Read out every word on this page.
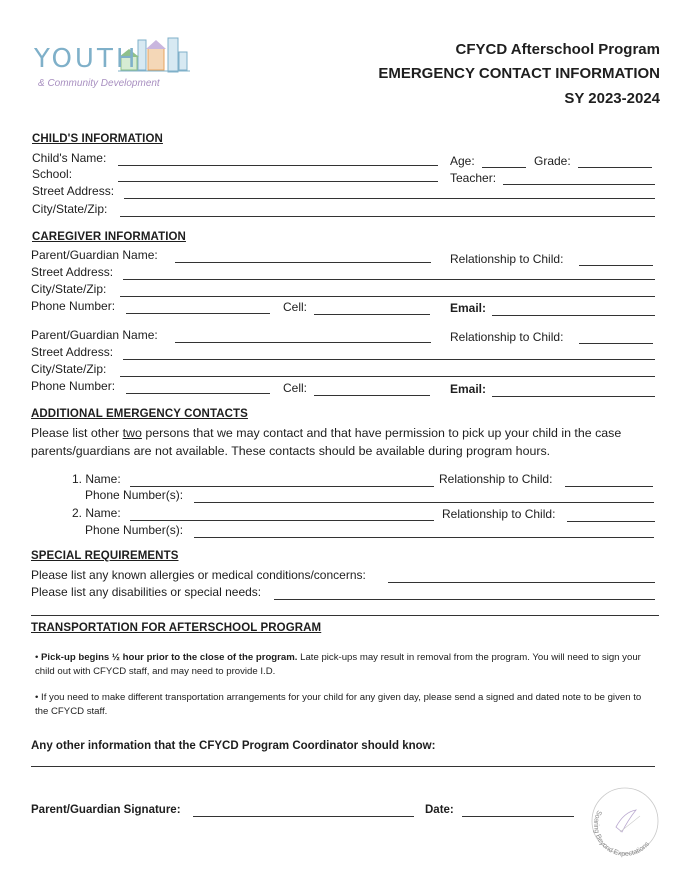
YOUTH
& Community Development
CFYCD Afterschool Program
EMERGENCY CONTACT INFORMATION
SY 2023-2024
CHILD'S INFORMATION
Child's Name:	Age:	Grade:
School:	Teacher:
Street Address:
City/State/Zip:
CAREGIVER INFORMATION
Parent/Guardian Name:	Relationship to Child:
Street Address:
City/State/Zip:
Phone Number:	Cell:	Email:
Parent/Guardian Name:	Relationship to Child:
Street Address:
City/State/Zip:
Phone Number:	Cell:	Email:
ADDITIONAL EMERGENCY CONTACTS
Please list other two persons that we may contact and that have permission to pick up your child in the case parents/guardians are not available. These contacts should be available during program hours.
1. Name:	Relationship to Child:
Phone Number(s):
2. Name:	Relationship to Child:
Phone Number(s):
SPECIAL REQUIREMENTS
Please list any known allergies or medical conditions/concerns:
Please list any disabilities or special needs:
TRANSPORTATION FOR AFTERSCHOOL PROGRAM
• Pick-up begins ½ hour prior to the close of the program. Late pick-ups may result in removal from the program. You will need to sign your child out with CFYCD staff, and may need to provide I.D.
• If you need to make different transportation arrangements for your child for any given day, please send a signed and dated note to be given to the CFYCD staff.
Any other information that the CFYCD Program Coordinator should know:
Parent/Guardian Signature:	Date:	Soaring Beyond Expectations
